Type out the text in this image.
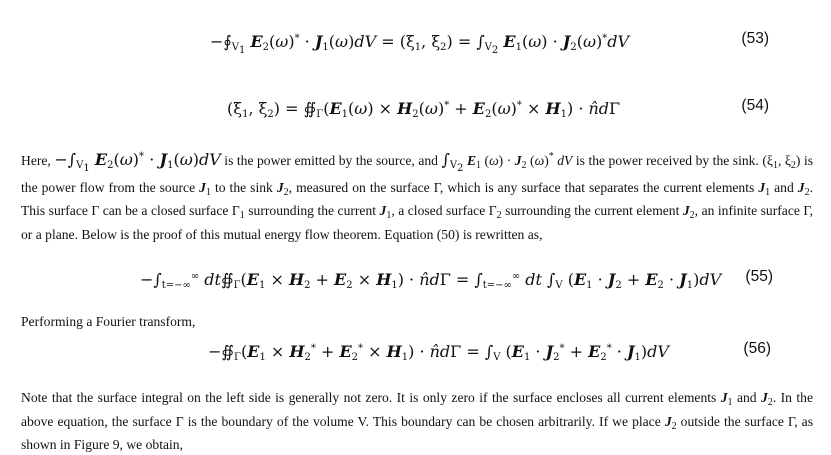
$-∮_{V1}$ $E_2(\omega)^* \cdot J_1(\omega)dV = (\xi_1$, $\xi_2) = \int_{V2}$ $E_1(\omega) \cdot J_2(\omega)^*dV$	(53)
($\xi_1$, $\xi_2$) = $∯_\Gamma(E_1(\omega) \times H_2(\omega)^* + E_2(\omega)^* \times H_1)$ · n̂dΓ	(54)

Here, $-\int_{V1}$ $E_2(\omega)^* \cdot J_1(\omega)dV$ is the power emitted by the source, and $\int_{V2}$ $E_1$ $(\omega) \cdot J_2$ (ω)* dV is the power received by the sink. ($\xi_1$, $\xi_2$) is the power flow from the source $J_1$ to the sink $J_2$, measured on the surface Γ, which is any surface that separates the current elements $J_1$ and $J_2$. This surface Γ can be a closed surface $\Gamma_1$ surrounding the current $J_1$, a closed surface $\Gamma_2$ surrounding the current element $J_2$, an infinite surface Γ, or a plane. Below is the proof of this mutual energy flow theorem. Equation (50) is rewritten as,

$-\int_{t=-\infty}^\infty$ $dt∯_\Gamma(E_1 \times H_2 + E_2 \times H_1)$ · n̂dΓ = $\int_{t=-\infty}^\infty$ dt $\int_V$ $(E_1 \cdot J_2 + E_2 \cdot J_1)dV$ (55)

Performing a Fourier transform,

$-∯_\Gamma(E_1 \times H_2^* + E_2^* \times H_1)$ · n̂dΓ = $\int_V$ $(E_1 \cdot J_2^* + E_2^* \cdot J_1)dV$	(56)

Note that the surface integral on the left side is generally not zero. It is only zero if the surface encloses all current elements $J_1$ and $J_2$. In the above equation, the surface Γ is the boundary of the volume V. This boundary can be chosen arbitrarily. If we place $J_2$ outside the surface Γ, as shown in Figure 9, we obtain,
